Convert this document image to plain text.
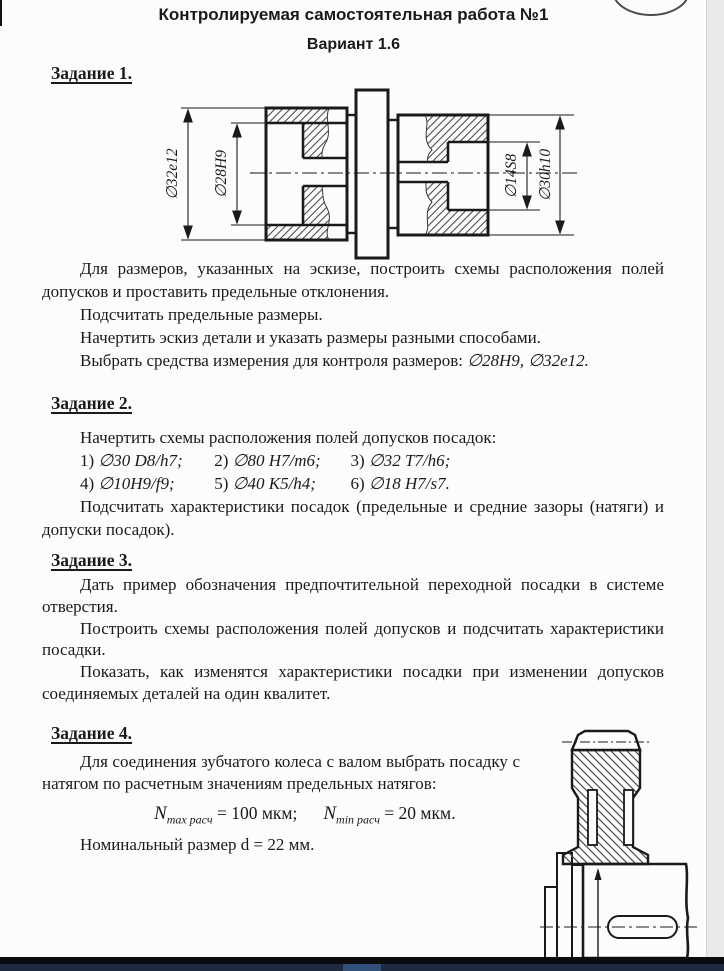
Контролируемая самостоятельная работа №1
Вариант 1.6
Задание 1.
∅32e12 ∅28H9	∅14S8 ∅30h10

Для размеров, указанных на эскизе, построить схемы расположения полей допусков и проставить предельные отклонения.

Подсчитать предельные размеры.

Начертить эскиз детали и указать размеры разными способами.

Выбрать средства измерения для контроля размеров: ∅28H9, ∅32e12.

Задание 2.

Начертить схемы расположения полей допусков посадок:

1) ∅30 D8/h7; 2) ∅80 H7/m6; 3) ∅32 T7/h6;
4) ∅10H9/f9; 5) ∅40 K5/h4; 6) ∅18 H7/s7.

Подсчитать характеристики посадок (предельные и средние зазоры (натяги) и допуски посадок).

Задание 3.

Дать пример обозначения предпочтительной переходной посадки в системе отверстия.

Построить схемы расположения полей допусков и подсчитать характеристики посадки.

Показать, как изменятся характеристики посадки при изменении допусков соединяемых деталей на один квалитет.

Задание 4.

Для соединения зубчатого колеса с валом выбрать посадку с натягом по расчетным значениям предельных натягов:

$N_{max расч} = 100$ мкм; $N_{min расч} = 20$ мкм.

Номинальный размер d = 22 мм.
